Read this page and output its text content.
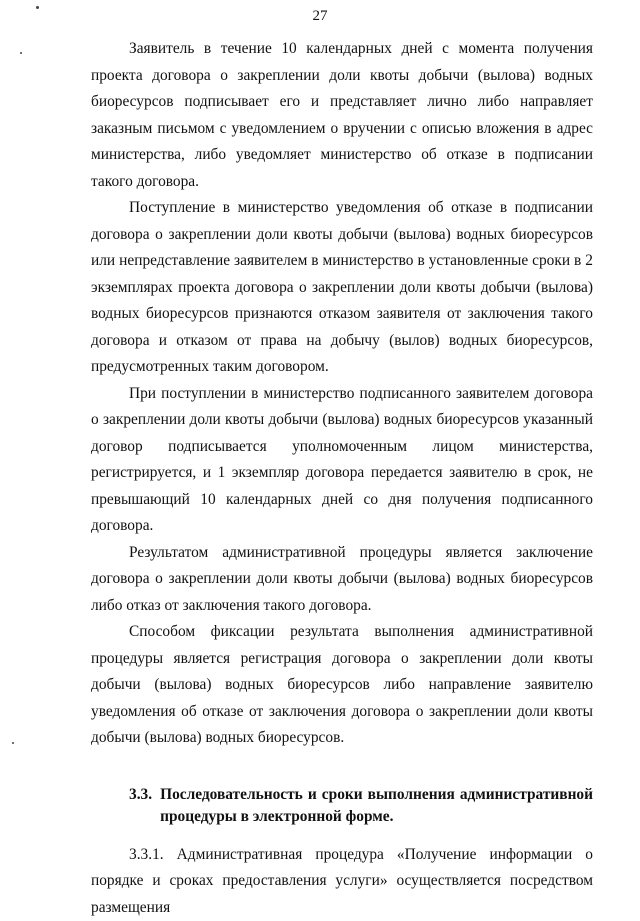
27

Заявитель в течение 10 календарных дней с момента получения проекта договора о закреплении доли квоты добычи (вылова) водных биоресурсов подписывает его и представляет лично либо направляет заказным письмом с уведомлением о вручении с описью вложения в адрес министерства, либо уведомляет министерство об отказе в подписании такого договора.

Поступление в министерство уведомления об отказе в подписании договора о закреплении доли квоты добычи (вылова) водных биоресурсов или непредставление заявителем в министерство в установленные сроки в 2 экземплярах проекта договора о закреплении доли квоты добычи (вылова) водных биоресурсов признаются отказом заявителя от заключения такого договора и отказом от права на добычу (вылов) водных биоресурсов, предусмотренных таким договором.

При поступлении в министерство подписанного заявителем договора о закреплении доли квоты добычи (вылова) водных биоресурсов указанный договор подписывается уполномоченным лицом министерства, регистрируется, и 1 экземпляр договора передается заявителю в срок, не превышающий 10 календарных дней со дня получения подписанного договора.

Результатом административной процедуры является заключение договора о закреплении доли квоты добычи (вылова) водных биоресурсов либо отказ от заключения такого договора.

Способом фиксации результата выполнения административной процедуры является регистрация договора о закреплении доли квоты добычи (вылова) водных биоресурсов либо направление заявителю уведомления об отказе от заключения договора о закреплении доли квоты добычи (вылова) водных биоресурсов.

3.3. Последовательность и сроки выполнения административной процедуры в электронной форме.

3.3.1. Административная процедура «Получение информации о порядке и сроках предоставления услуги» осуществляется посредством размещения
